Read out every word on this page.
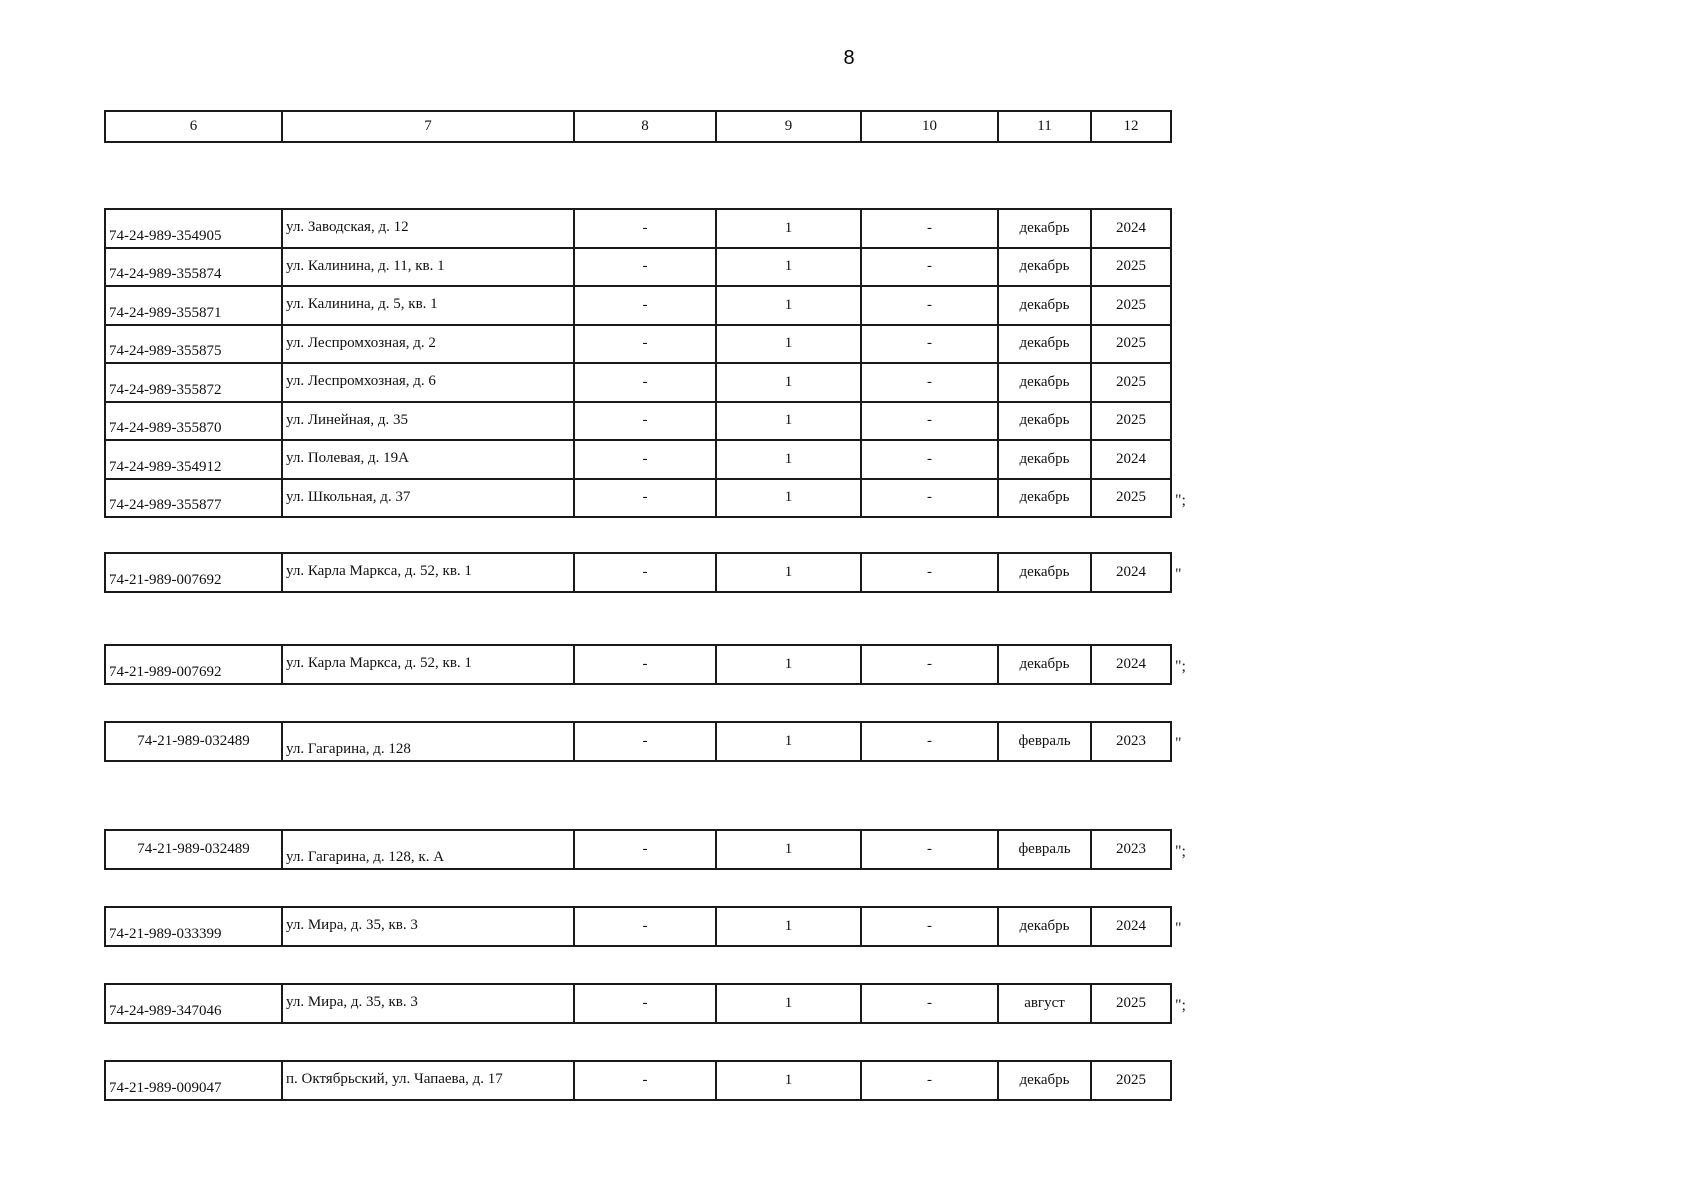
8
6	7	8	9	10	11	12
74-24-989-354905	ул. Заводская, д. 12	-	1	-	декабрь	2024
74-24-989-355874	ул. Калинина, д. 11, кв. 1	-	1	-	декабрь	2025
74-24-989-355871	ул. Калинина, д. 5, кв. 1	-	1	-	декабрь	2025
74-24-989-355875	ул. Леспромхозная, д. 2	-	1	-	декабрь	2025
74-24-989-355872	ул. Леспромхозная, д. 6	-	1	-	декабрь	2025
74-24-989-355870	ул. Линейная, д. 35	-	1	-	декабрь	2025
74-24-989-354912	ул. Полевая, д. 19А	-	1	-	декабрь	2024
74-24-989-355877	ул. Школьная, д. 37	-	1	-	декабрь	2025 ";
74-21-989-007692	ул. Карла Маркса, д. 52, кв. 1	-	1	-	декабрь	2024 "
74-21-989-007692	ул. Карла Маркса, д. 52, кв. 1	-	1	-	декабрь	2024 ";
74-21-989-032489	ул. Гагарина, д. 128	-	1	-	февраль	2023 "
74-21-989-032489	ул. Гагарина, д. 128, к. А	-	1	-	февраль	2023 ";
74-21-989-033399	ул. Мира, д. 35, кв. 3	-	1	-	декабрь	2024 "
74-24-989-347046	ул. Мира, д. 35, кв. 3	-	1	-	август	2025 ";
74-21-989-009047	п. Октябрьский, ул. Чапаева, д. 17	-	1	-	декабрь	2025
